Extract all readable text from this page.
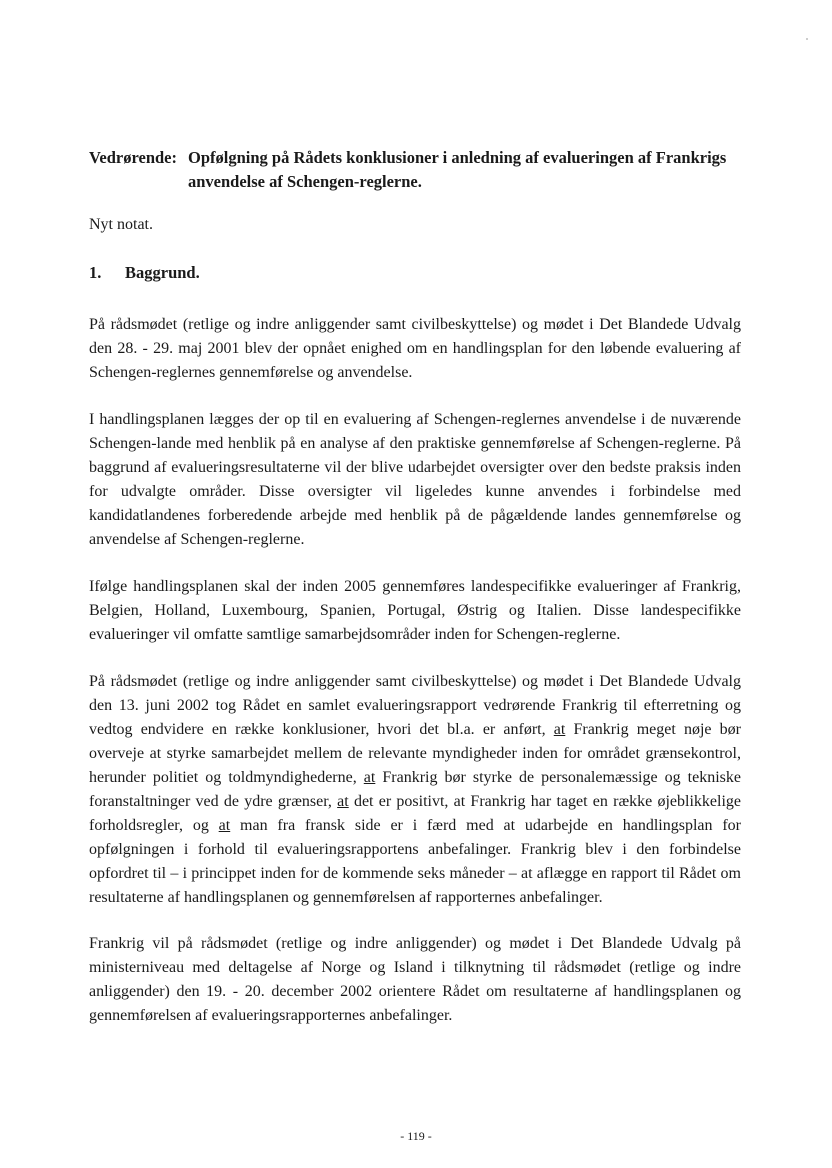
Vedrørende: Opfølgning på Rådets konklusioner i anledning af evalueringen af Frankrigs anvendelse af Schengen-reglerne.
Nyt notat.
1.	Baggrund.

På rådsmødet (retlige og indre anliggender samt civilbeskyttelse) og mødet i Det Blandede Udvalg den 28. - 29. maj 2001 blev der opnået enighed om en handlingsplan for den løbende evaluering af Schengen-reglernes gennemførelse og anvendelse.

I handlingsplanen lægges der op til en evaluering af Schengen-reglernes anvendelse i de nuværende Schengen-lande med henblik på en analyse af den praktiske gennemførelse af Schengen-reglerne. På baggrund af evalueringsresultaterne vil der blive udarbejdet oversigter over den bedste praksis inden for udvalgte områder. Disse oversigter vil ligeledes kunne anvendes i forbindelse med kandidatlandenes forberedende arbejde med henblik på de pågældende landes gennemførelse og anvendelse af Schengen-reglerne.

Ifølge handlingsplanen skal der inden 2005 gennemføres landespecifikke evalueringer af Frankrig, Belgien, Holland, Luxembourg, Spanien, Portugal, Østrig og Italien. Disse landespecifikke evalueringer vil omfatte samtlige samarbejdsområder inden for Schengen-reglerne.

På rådsmødet (retlige og indre anliggender samt civilbeskyttelse) og mødet i Det Blandede Udvalg den 13. juni 2002 tog Rådet en samlet evalueringsrapport vedrørende Frankrig til efterretning og vedtog endvidere en række konklusioner, hvori det bl.a. er anført, at Frankrig meget nøje bør overveje at styrke samarbejdet mellem de relevante myndigheder inden for området grænsekontrol, herunder politiet og toldmyndighederne, at Frankrig bør styrke de personalemæssige og tekniske foranstaltninger ved de ydre grænser, at det er positivt, at Frankrig har taget en række øjeblikkelige forholdsregler, og at man fra fransk side er i færd med at udarbejde en handlingsplan for opfølgningen i forhold til evalueringsrapportens anbefalinger. Frankrig blev i den forbindelse opfordret til – i princippet inden for de kommende seks måneder – at aflægge en rapport til Rådet om resultaterne af handlingsplanen og gennemførelsen af rapporternes anbefalinger.

Frankrig vil på rådsmødet (retlige og indre anliggender) og mødet i Det Blandede Udvalg på ministerniveau med deltagelse af Norge og Island i tilknytning til rådsmødet (retlige og indre anliggender) den 19. - 20. december 2002 orientere Rådet om resultaterne af handlingsplanen og gennemførelsen af evalueringsrapporternes anbefalinger.

- 119 -
